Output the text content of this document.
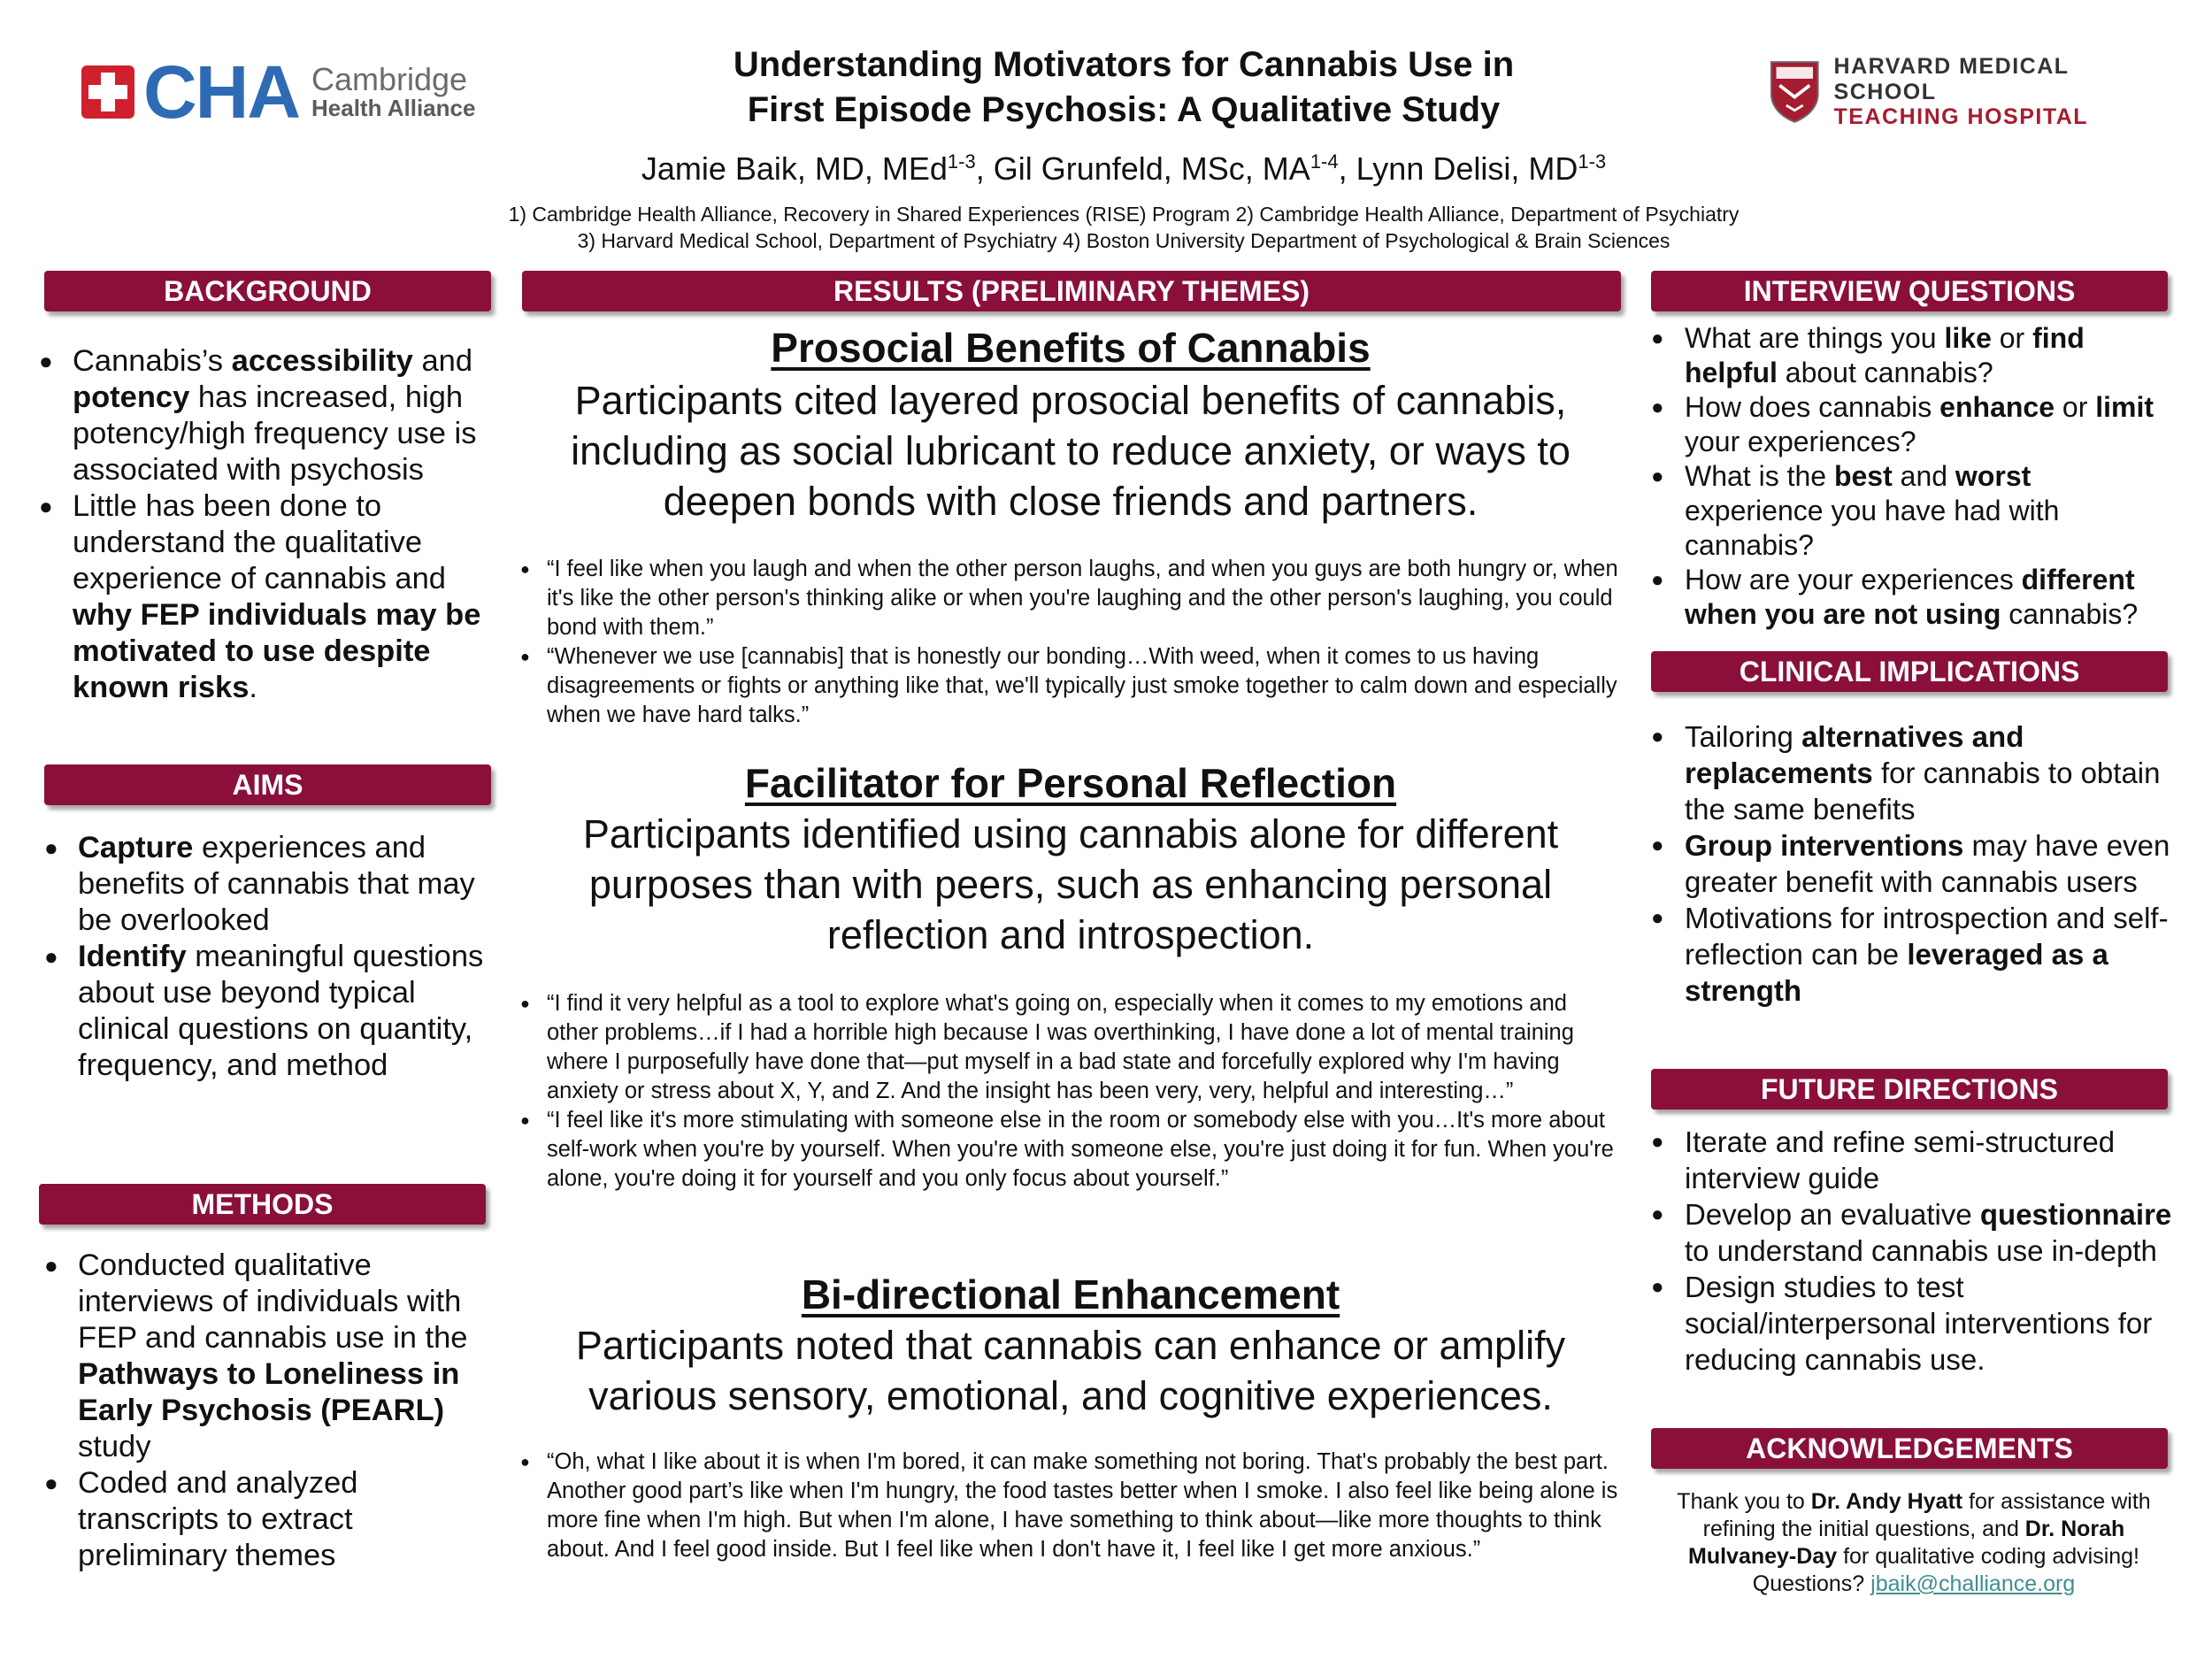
CHA Cambridge
Health Alliance
Understanding Motivators for Cannabis Use in
First Episode Psychosis: A Qualitative Study
HARVARD MEDICAL SCHOOL
TEACHING HOSPITAL
Jamie Baik, MD, MEd$^{1-3}$, Gil Grunfeld, MSc, MA$^{1-4}$, Lynn Delisi, MD$^{1-3}$
1) Cambridge Health Alliance, Recovery in Shared Experiences (RISE) Program 2) Cambridge Health Alliance, Department of Psychiatry
3) Harvard Medical School, Department of Psychiatry 4) Boston University Department of Psychological & Brain Sciences
BACKGROUND
● Cannabis’s accessibility and potency has increased, high potency/high frequency use is associated with psychosis
● Little has been done to understand the qualitative experience of cannabis and why FEP individuals may be motivated to use despite known risks.
AIMS
● Capture experiences and benefits of cannabis that may be overlooked
● Identify meaningful questions about use beyond typical clinical questions on quantity, frequency, and method
METHODS
● Conducted qualitative interviews of individuals with FEP and cannabis use in the Pathways to Loneliness in Early Psychosis (PEARL) study
● Coded and analyzed transcripts to extract preliminary themes
RESULTS (PRELIMINARY THEMES)
Prosocial Benefits of Cannabis
Participants cited layered prosocial benefits of cannabis, including as social lubricant to reduce anxiety, or ways to deepen bonds with close friends and partners.
● “I feel like when you laugh and when the other person laughs, and when you guys are both hungry or, when it's like the other person's thinking alike or when you're laughing and the other person's laughing, you could bond with them.”
● “Whenever we use [cannabis] that is honestly our bonding…With weed, when it comes to us having disagreements or fights or anything like that, we'll typically just smoke together to calm down and especially when we have hard talks.”
Facilitator for Personal Reflection
Participants identified using cannabis alone for different purposes than with peers, such as enhancing personal reflection and introspection.
● “I find it very helpful as a tool to explore what's going on, especially when it comes to my emotions and other problems…if I had a horrible high because I was overthinking, I have done a lot of mental training where I purposefully have done that—put myself in a bad state and forcefully explored why I'm having anxiety or stress about X, Y, and Z. And the insight has been very, very, helpful and interesting…”
● “I feel like it's more stimulating with someone else in the room or somebody else with you…It's more about self-work when you're by yourself. When you're with someone else, you're just doing it for fun. When you're alone, you're doing it for yourself and you only focus about yourself.”
Bi-directional Enhancement
Participants noted that cannabis can enhance or amplify various sensory, emotional, and cognitive experiences.
● “Oh, what I like about it is when I'm bored, it can make something not boring. That's probably the best part. Another good part’s like when I'm hungry, the food tastes better when I smoke. I also feel like being alone is more fine when I'm high. But when I'm alone, I have something to think about—like more thoughts to think about. And I feel good inside. But I feel like when I don't have it, I feel like I get more anxious.”
INTERVIEW QUESTIONS
● What are things you like or find helpful about cannabis?
● How does cannabis enhance or limit your experiences?
● What is the best and worst experience you have had with cannabis?
● How are your experiences different when you are not using cannabis?
CLINICAL IMPLICATIONS
● Tailoring alternatives and replacements for cannabis to obtain the same benefits
● Group interventions may have even greater benefit with cannabis users
● Motivations for introspection and self-reflection can be leveraged as a strength
FUTURE DIRECTIONS
● Iterate and refine semi-structured interview guide
● Develop an evaluative questionnaire to understand cannabis use in-depth
● Design studies to test social/interpersonal interventions for reducing cannabis use.
ACKNOWLEDGEMENTS
Thank you to Dr. Andy Hyatt for assistance with refining the initial questions, and Dr. Norah Mulvaney-Day for qualitative coding advising!
Questions? jbaik@challiance.org
